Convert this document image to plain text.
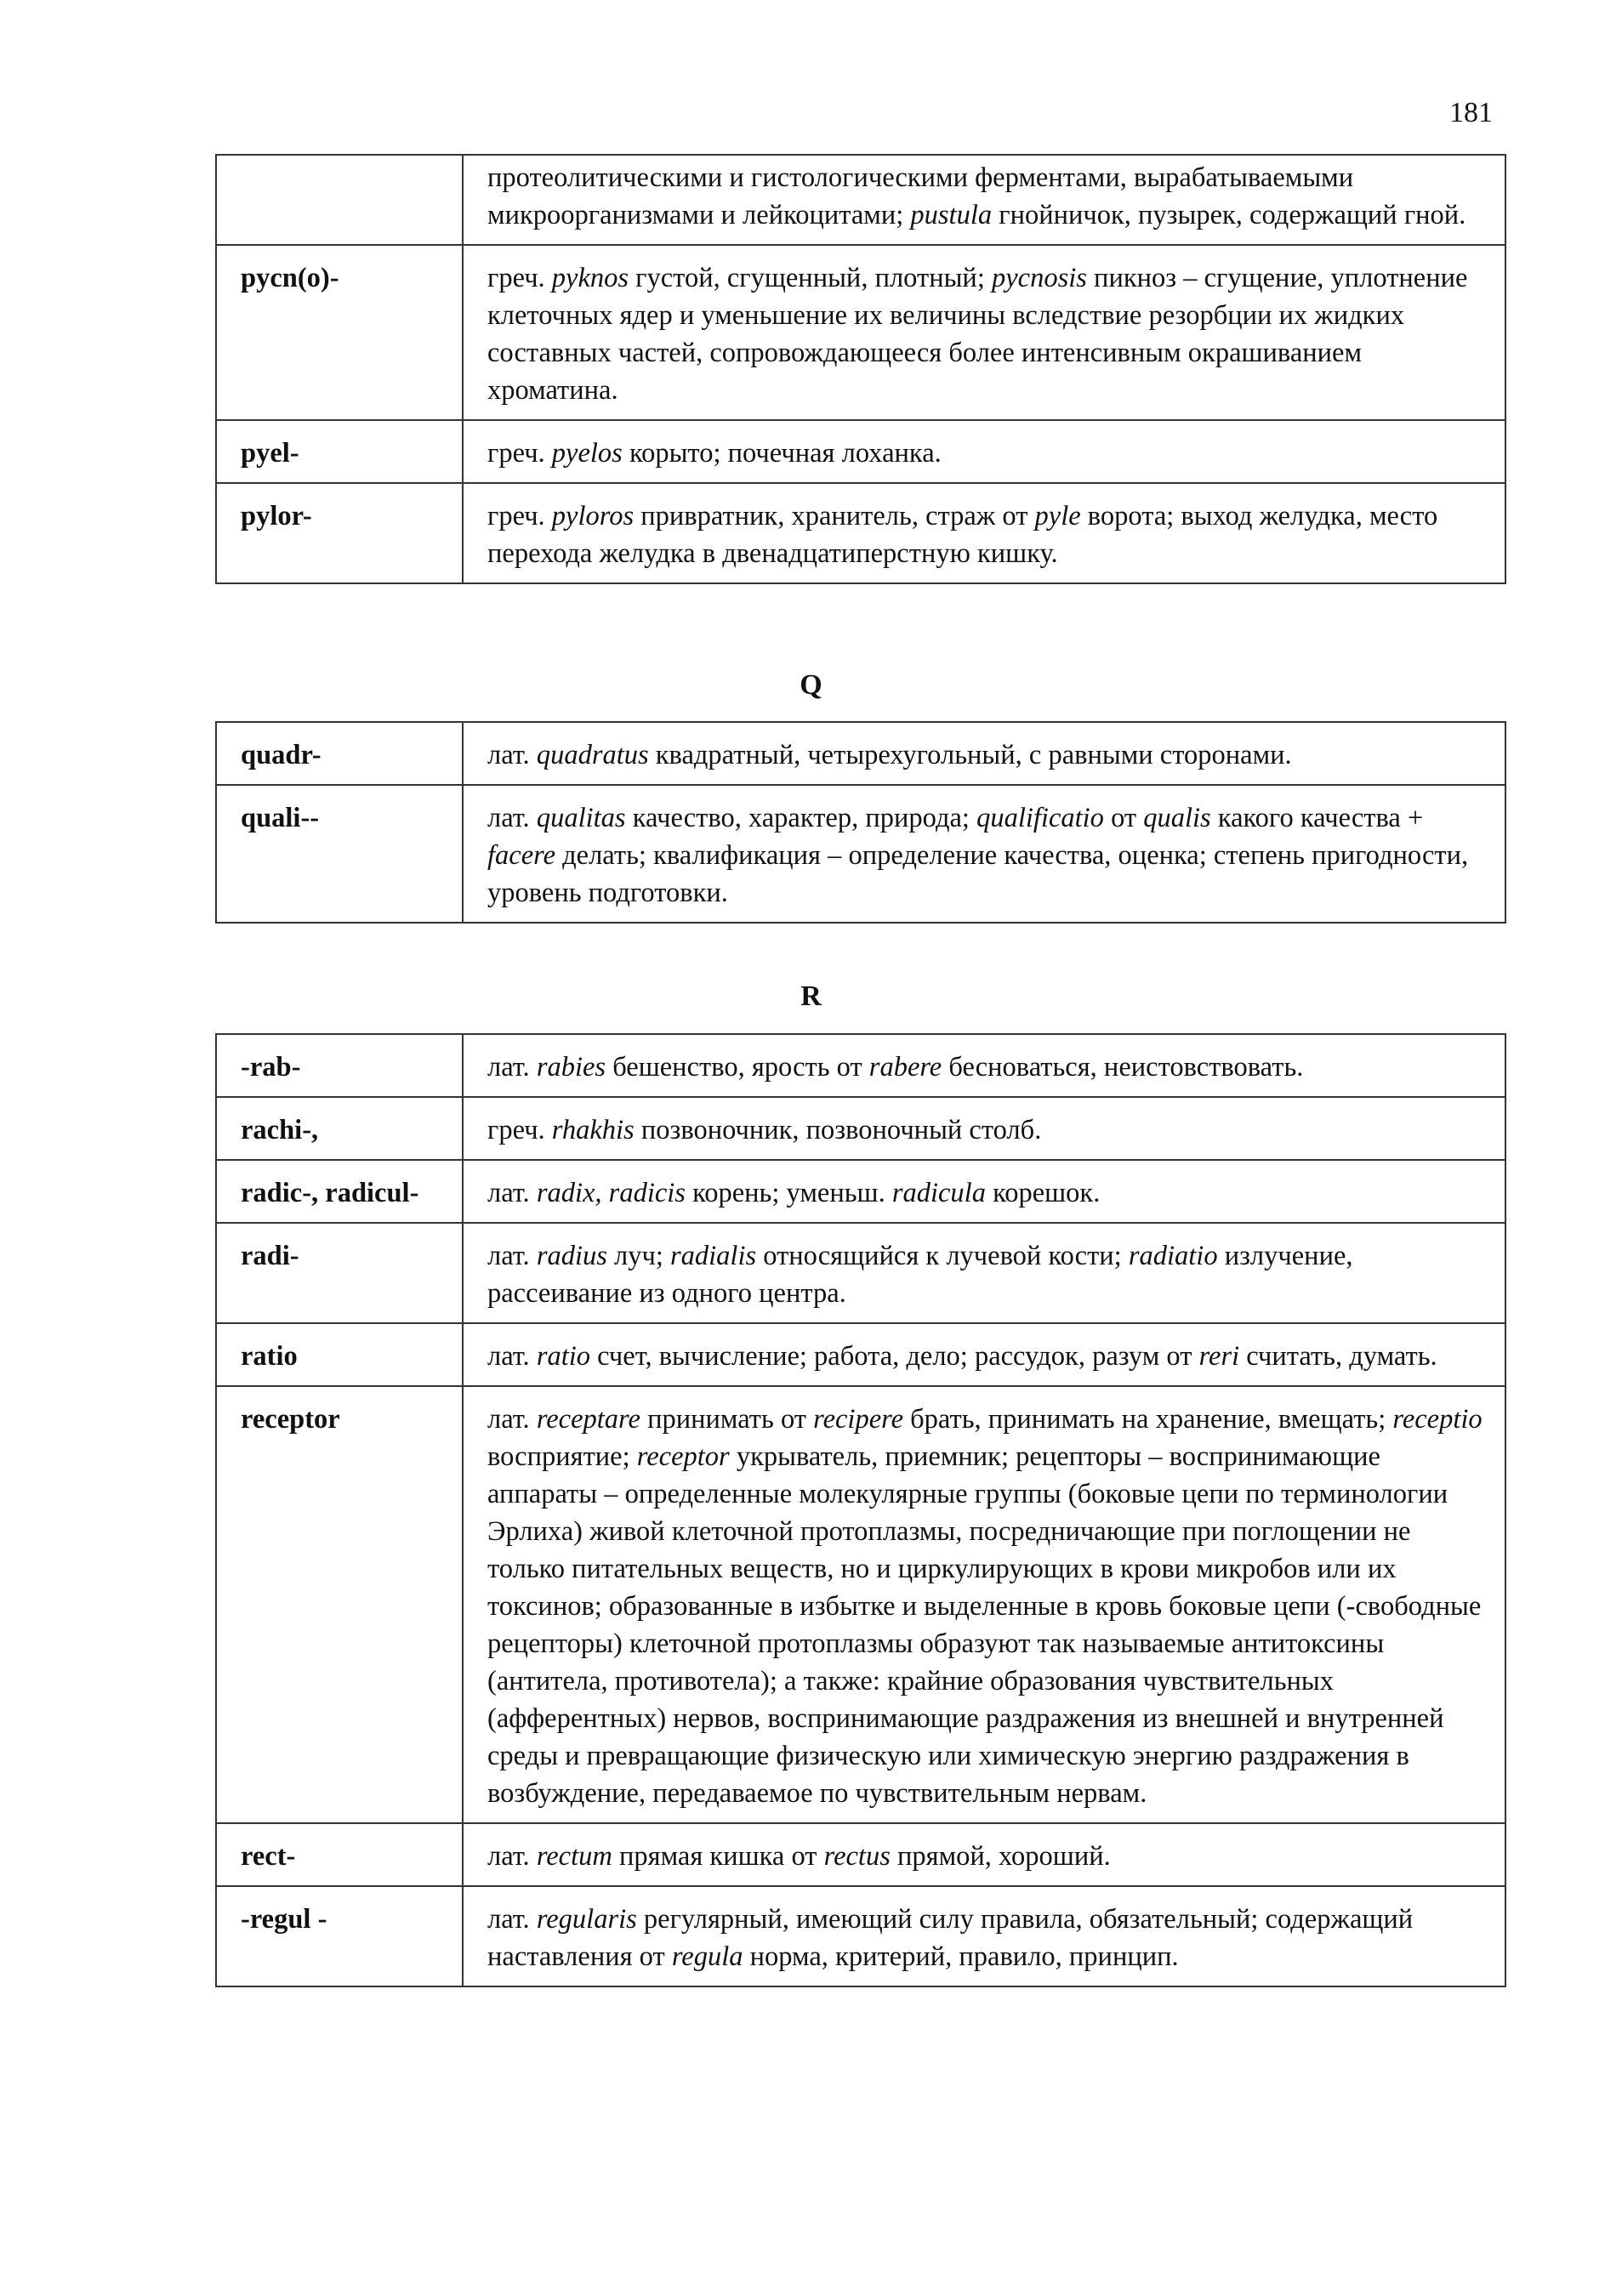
181
	протеолитическими и гистологическими ферментами, вырабатываемыми микроорганизмами и лейкоцитами; pustula гнойничок, пузырек, содержащий гной.
pycn(o)-	греч. pyknos густой, сгущенный, плотный; pycnosis пикноз – сгущение, уплотнение клеточных ядер и уменьшение их величины вследствие резорбции их жидких составных частей, сопровождающееся более интенсивным окрашиванием хроматина.
pyel-	греч. pyelos корыто; почечная лоханка.
pylor-	греч. pyloros привратник, хранитель, страж от pyle ворота; выход желудка, место перехода желудка в двенадцатиперстную кишку.
Q
quadr-	лат. quadratus квадратный, четырехугольный, с равными сторонами.
quali--	лат. qualitas качество, характер, природа; qualificatio от qualis какого качества + facere делать; квалификация – определение качества, оценка; степень пригодности, уровень подготовки.
R
-rab-	лат. rabies бешенство, ярость от rabere бесноваться, неистовствовать.
rachi-,	греч. rhakhis позвоночник, позвоночный столб.
radic-, radicul-	лат. radix, radicis корень; уменьш. radicula корешок.
radi-	лат. radius луч; radialis относящийся к лучевой кости; radiatio излучение, рассеивание из одного центра.
ratio	лат. ratio счет, вычисление; работа, дело; рассудок, разум от reri считать, думать.
receptor	лат. receptare принимать от recipere брать, принимать на хранение, вмещать; receptio восприятие; receptor укрыватель, приемник; рецепторы – воспринимающие аппараты – определенные молекулярные группы (боковые цепи по терминологии Эрлиха) живой клеточной протоплазмы, посредничающие при поглощении не только питательных веществ, но и циркулирующих в крови микробов или их токсинов; образованные в избытке и выделенные в кровь боковые цепи (-свободные рецепторы) клеточной протоплазмы образуют так называемые антитоксины (антитела, противотела); а также: крайние образования чувствительных (афферентных) нервов, воспринимающие раздражения из внешней и внутренней среды и превращающие физическую или химическую энергию раздражения в возбуждение, передаваемое по чувствительным нервам.
rect-	лат. rectum прямая кишка от rectus прямой, хороший.
-regul -	лат. regularis регулярный, имеющий силу правила, обязательный; содержащий наставления от regula норма, критерий, правило, принцип.
